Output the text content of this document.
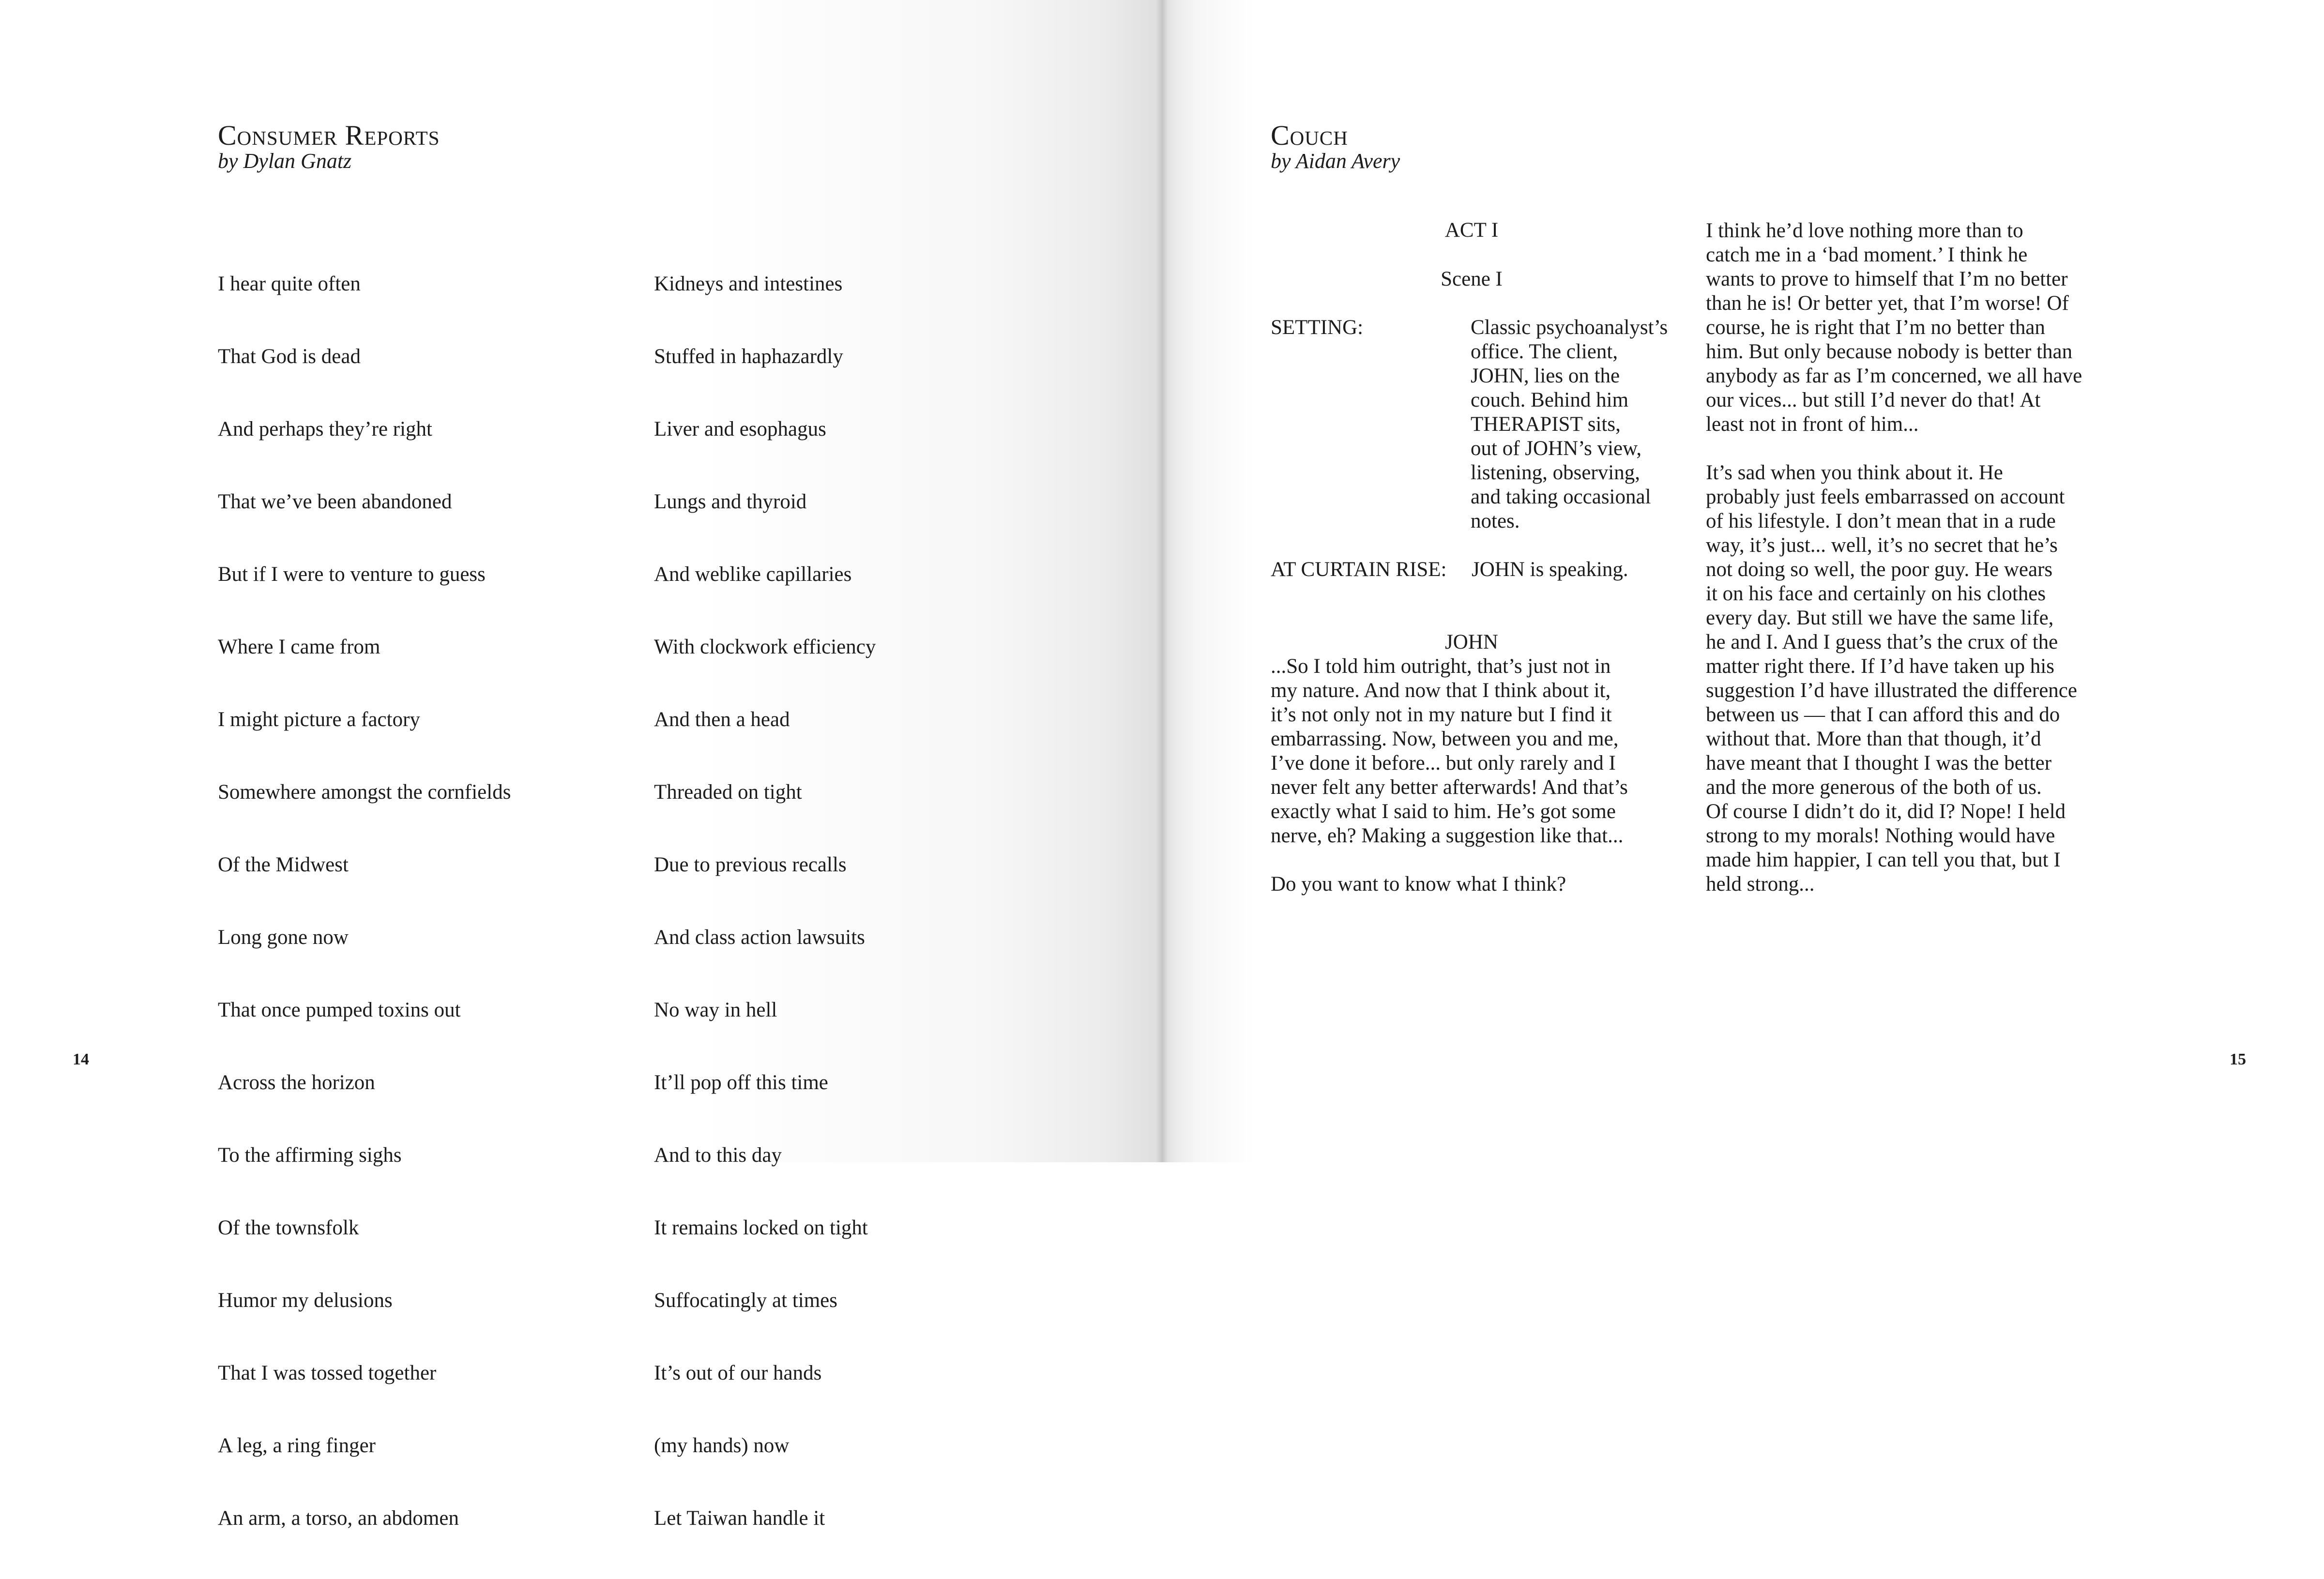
Consumer Reports

by Dylan Gnatz

I hear quite often

That God is dead

And perhaps they’re right

That we’ve been abandoned

But if I were to venture to guess

Where I came from

I might picture a factory

Somewhere amongst the cornfields

Of the Midwest

Long gone now

That once pumped toxins out

Across the horizon

To the affirming sighs

Of the townsfolk

Humor my delusions

That I was tossed together

A leg, a ring finger

An arm, a torso, an abdomen

Kidneys and intestines

Stuffed in haphazardly

Liver and esophagus

Lungs and thyroid

And weblike capillaries

With clockwork efficiency

And then a head

Threaded on tight

Due to previous recalls

And class action lawsuits

No way in hell

It’ll pop off this time

And to this day

It remains locked on tight

Suffocatingly at times

It’s out of our hands

(my hands) now

Let Taiwan handle it

14
Couch

by Aidan Avery

ACT I
Scene I
SETTING:	Classic psychoanalyst’s
office. The client,
JOHN, lies on the
couch. Behind him
THERAPIST sits,
out of JOHN’s view,
listening, observing,
and taking occasional
notes.
AT CURTAIN RISE: JOHN is speaking.
JOHN
...So I told him outright, that’s just not in
my nature. And now that I think about it,
it’s not only not in my nature but I find it
embarrassing. Now, between you and me,
I’ve done it before... but only rarely and I
never felt any better afterwards! And that’s
exactly what I said to him. He’s got some
nerve, eh? Making a suggestion like that...
Do you want to know what I think?
I think he’d love nothing more than to
catch me in a ‘bad moment.’ I think he
wants to prove to himself that I’m no better
than he is! Or better yet, that I’m worse! Of
course, he is right that I’m no better than
him. But only because nobody is better than
anybody as far as I’m concerned, we all have
our vices... but still I’d never do that! At
least not in front of him...
It’s sad when you think about it. He
probably just feels embarrassed on account
of his lifestyle. I don’t mean that in a rude
way, it’s just... well, it’s no secret that he’s
not doing so well, the poor guy. He wears
it on his face and certainly on his clothes
every day. But still we have the same life,
he and I. And I guess that’s the crux of the
matter right there. If I’d have taken up his
suggestion I’d have illustrated the difference
between us — that I can afford this and do
without that. More than that though, it’d
have meant that I thought I was the better
and the more generous of the both of us.
Of course I didn’t do it, did I? Nope! I held
strong to my morals! Nothing would have
made him happier, I can tell you that, but I
held strong...
15
